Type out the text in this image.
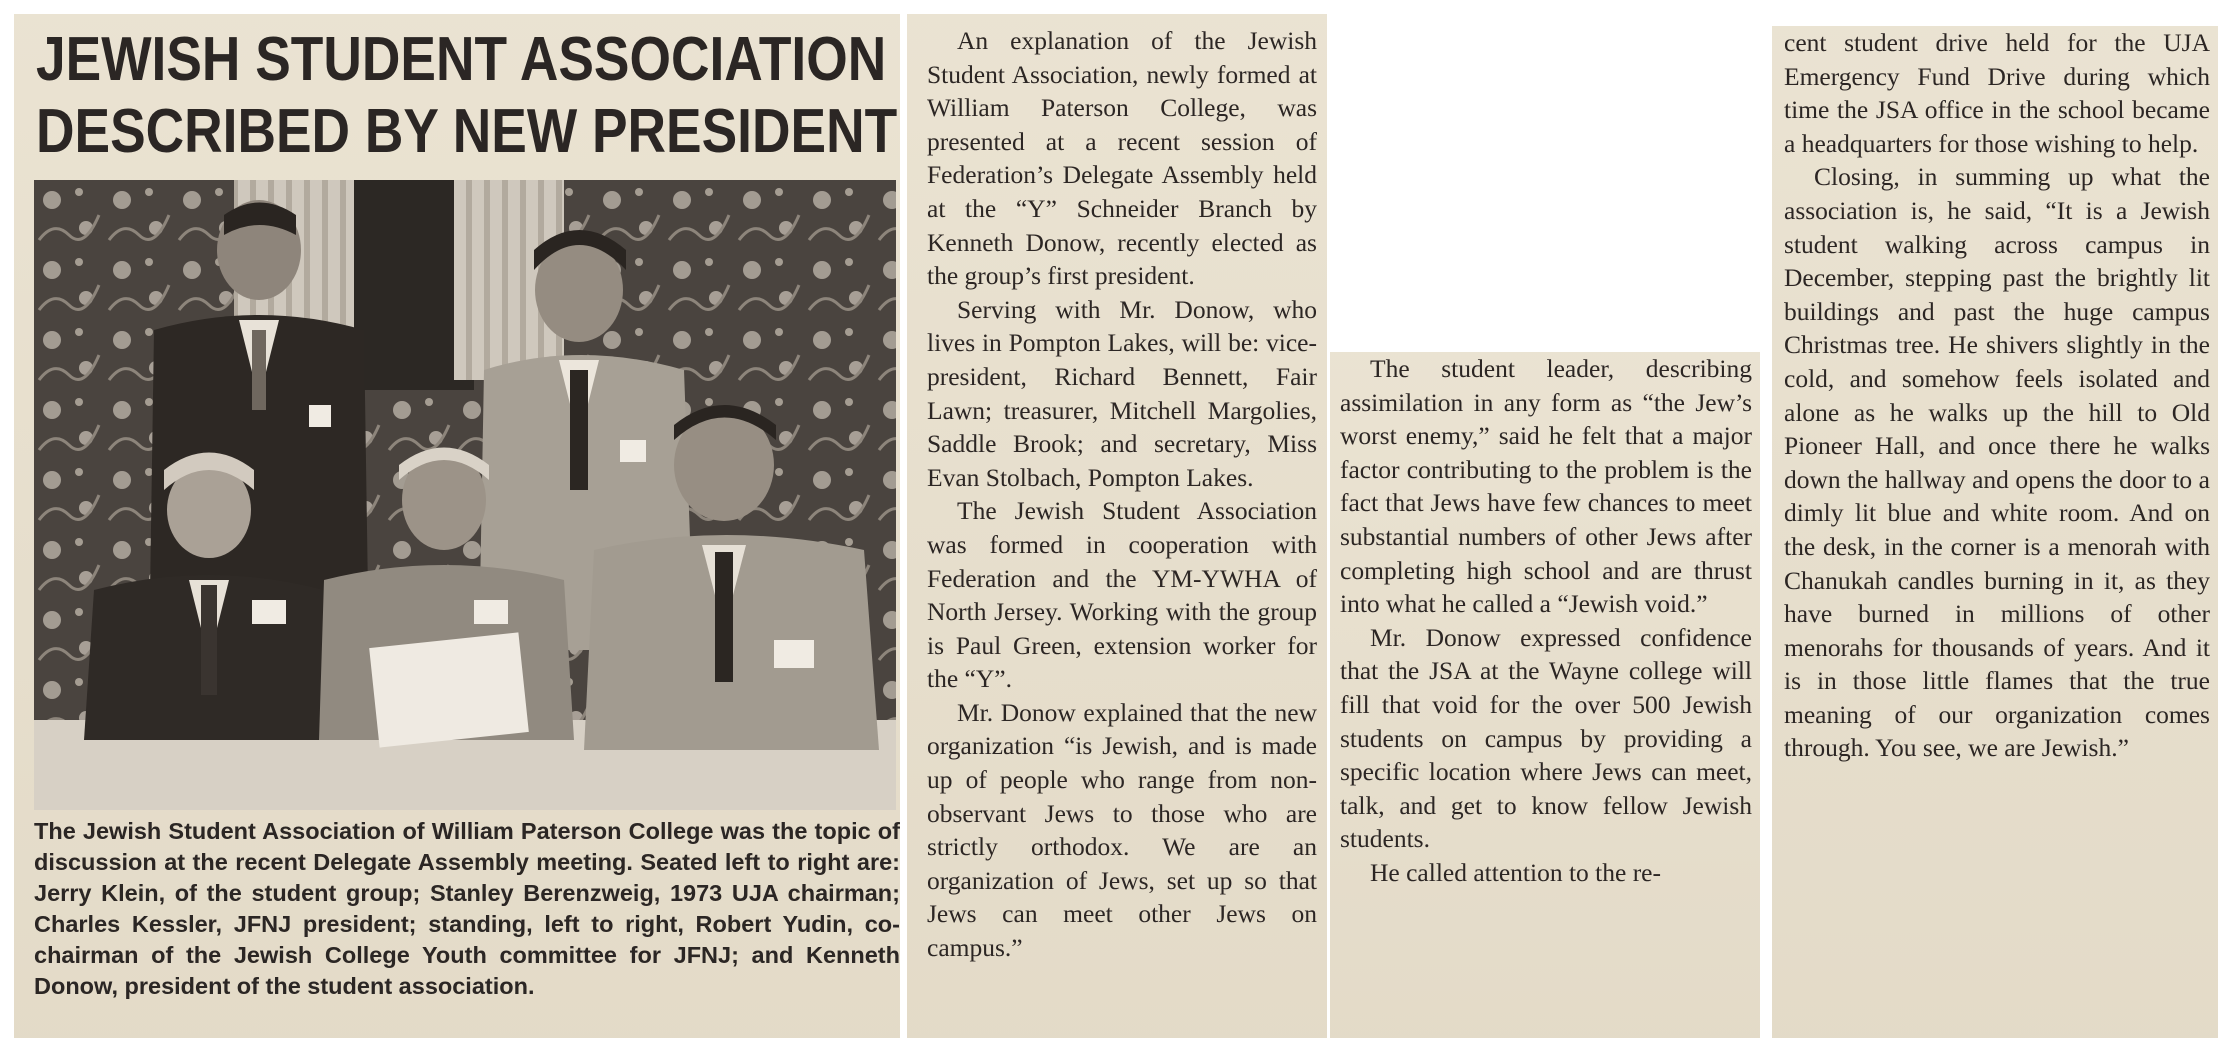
JEWISH STUDENT ASSOCIATION
DESCRIBED BY NEW PRESIDENT
The Jewish Student Association of William Paterson College was the topic of discussion at the recent Delegate Assembly meeting. Seated left to right are: Jerry Klein, of the student group; Stanley Berenzweig, 1973 UJA chairman; Charles Kessler, JFNJ president; standing, left to right, Robert Yudin, co-chairman of the Jewish College Youth committee for JFNJ; and Kenneth Donow, president of the student association.

An explanation of the Jewish Student Association, newly formed at William Paterson College, was presented at a recent session of Federation’s Delegate Assembly held at the “Y” Schneider Branch by Kenneth Donow, recently elected as the group’s first president.

Serving with Mr. Donow, who lives in Pompton Lakes, will be: vice-president, Richard Bennett, Fair Lawn; treasurer, Mitchell Margolies, Saddle Brook; and secretary, Miss Evan Stolbach, Pompton Lakes.

The Jewish Student Association was formed in cooperation with Federation and the YM-YWHA of North Jersey. Working with the group is Paul Green, extension worker for the “Y”.

Mr. Donow explained that the new organization “is Jewish, and is made up of people who range from non-observant Jews to those who are strictly orthodox. We are an organization of Jews, set up so that Jews can meet other Jews on campus.”

The student leader, describing assimilation in any form as “the Jew’s worst enemy,” said he felt that a major factor contributing to the problem is the fact that Jews have few chances to meet substantial numbers of other Jews after completing high school and are thrust into what he called a “Jewish void.”

Mr. Donow expressed confidence that the JSA at the Wayne college will fill that void for the over 500 Jewish students on campus by providing a specific location where Jews can meet, talk, and get to know fellow Jewish students.

He called attention to the re-

cent student drive held for the UJA Emergency Fund Drive during which time the JSA office in the school became a headquarters for those wishing to help.

Closing, in summing up what the association is, he said, “It is a Jewish student walking across campus in December, stepping past the brightly lit buildings and past the huge campus Christmas tree. He shivers slightly in the cold, and somehow feels isolated and alone as he walks up the hill to Old Pioneer Hall, and once there he walks down the hallway and opens the door to a dimly lit blue and white room. And on the desk, in the corner is a menorah with Chanukah candles burning in it, as they have burned in millions of other menorahs for thousands of years. And it is in those little flames that the true meaning of our organization comes through. You see, we are Jewish.”
